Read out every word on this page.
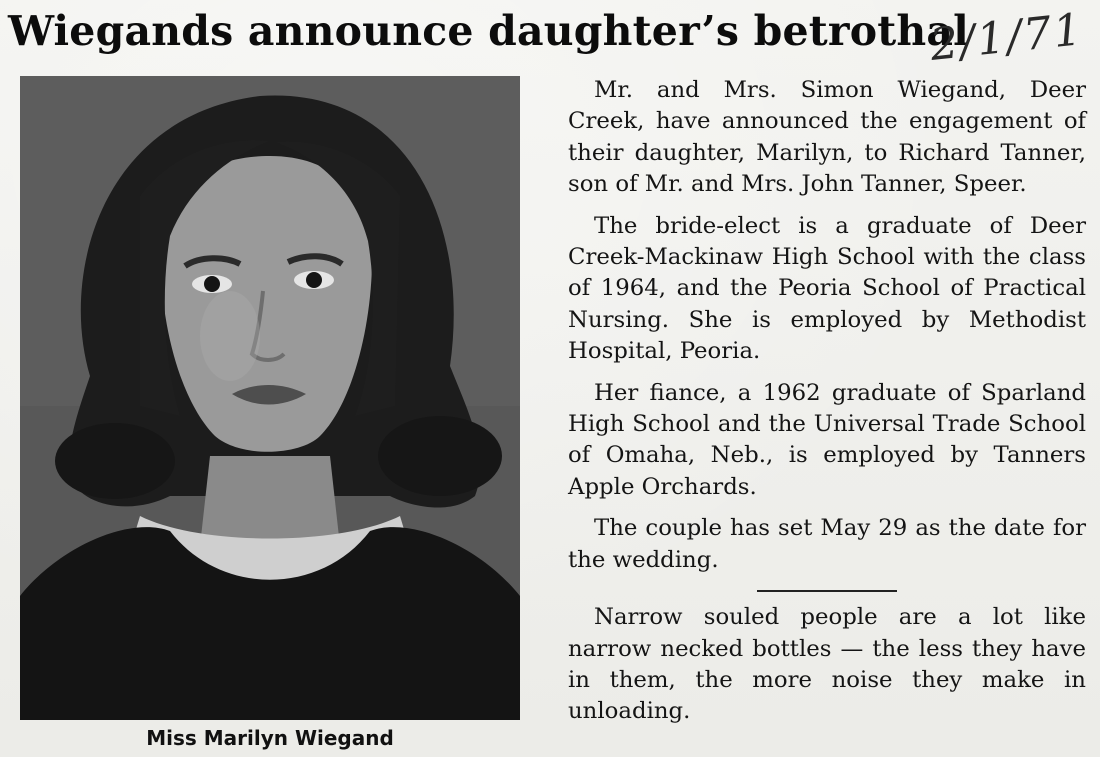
Wiegands announce daughter’s betrothal
2/1/71
Miss Marilyn Wiegand

Mr. and Mrs. Simon Wiegand, Deer Creek, have announced the engagement of their daughter, Marilyn, to Richard Tanner, son of Mr. and Mrs. John Tanner, Speer.

The bride-elect is a graduate of Deer Creek-Mackinaw High School with the class of 1964, and the Peoria School of Practical Nursing. She is employed by Methodist Hospital, Peoria.

Her fiance, a 1962 graduate of Sparland High School and the Universal Trade School of Omaha, Neb., is employed by Tanners Apple Orchards.

The couple has set May 29 as the date for the wedding.

Narrow souled people are a lot like narrow necked bottles — the less they have in them, the more noise they make in unloading.
